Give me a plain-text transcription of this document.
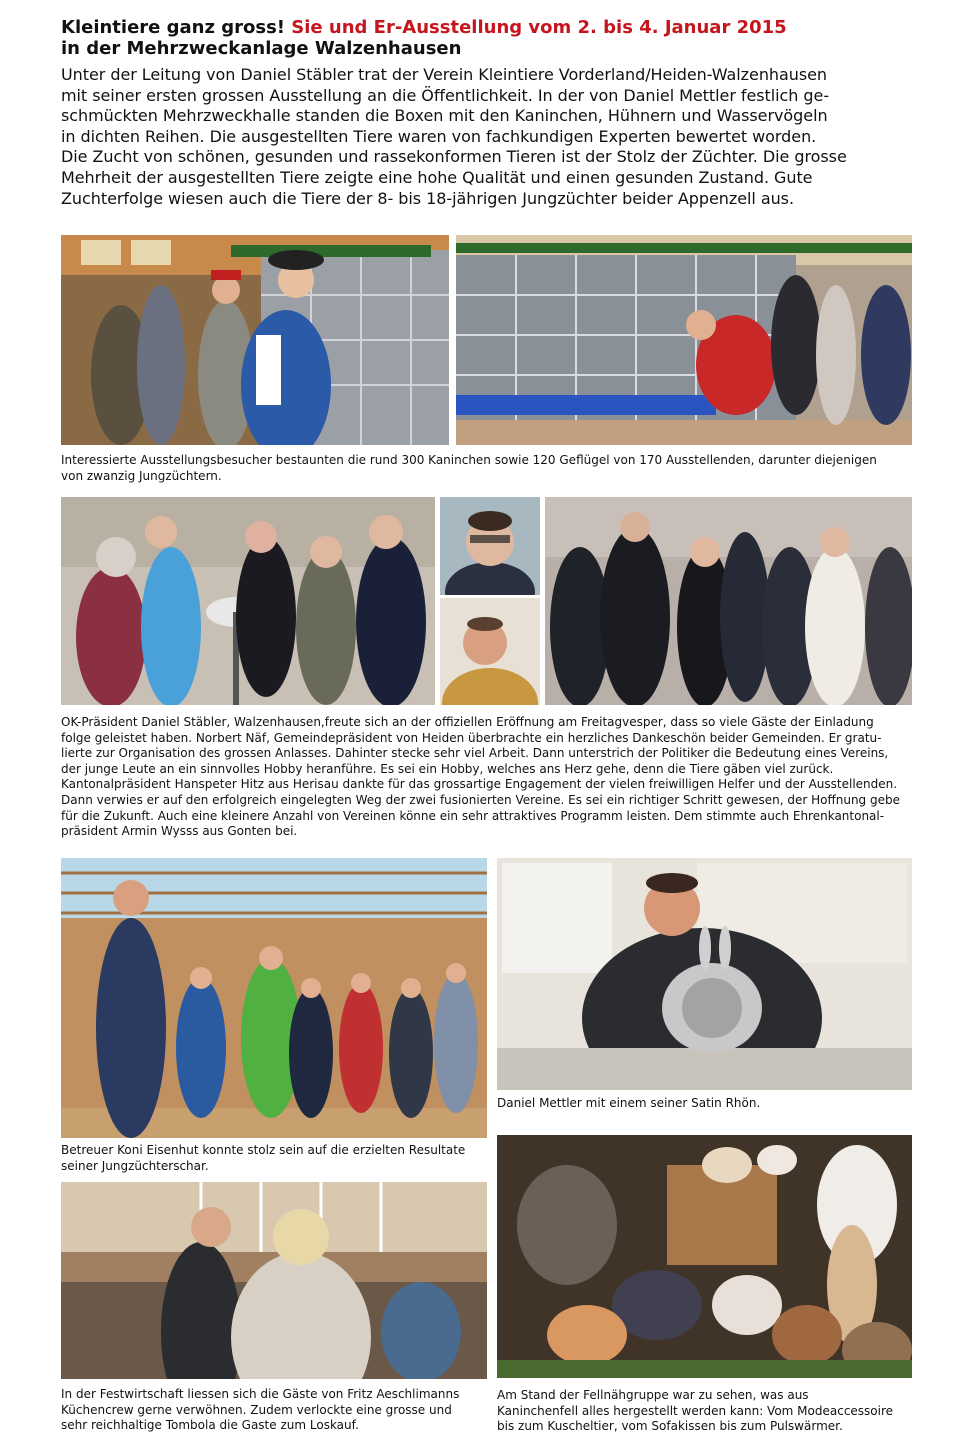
Kleintiere ganz gross! Sie und Er-Ausstellung vom 2. bis 4. Januar 2015

in der Mehrzweckanlage Walzenhausen

Unter der Leitung von Daniel Stäbler trat der Verein Kleintiere Vorderland/Heiden-Walzenhausen

mit seiner ersten grossen Ausstellung an die Öffentlichkeit. In der von Daniel Mettler festlich ge-

schmückten Mehrzweckhalle standen die Boxen mit den Kaninchen, Hühnern und Wasservögeln

in dichten Reihen. Die ausgestellten Tiere waren von fachkundigen Experten bewertet worden.

Die Zucht von schönen, gesunden und rassekonformen Tieren ist der Stolz der Züchter. Die grosse

Mehrheit der ausgestellten Tiere zeigte eine hohe Qualität und einen gesunden Zustand. Gute

Zuchterfolge wiesen auch die Tiere der 8- bis 18-jährigen Jungzüchter beider Appenzell aus.

Interessierte Ausstellungsbesucher bestaunten die rund 300 Kaninchen sowie 120 Geflügel von 170 Ausstellenden, darunter diejenigen

von zwanzig Jungzüchtern.

OK-Präsident Daniel Stäbler, Walzenhausen,freute sich an der offiziellen Eröffnung am Freitagvesper, dass so viele Gäste der Einladung

folge geleistet haben. Norbert Näf, Gemeindepräsident von Heiden überbrachte ein herzliches Dankeschön beider Gemeinden. Er gratu-

lierte zur Organisation des grossen Anlasses. Dahinter stecke sehr viel Arbeit. Dann unterstrich der Politiker die Bedeutung eines Vereins,

der junge Leute an ein sinnvolles Hobby heranführe. Es sei ein Hobby, welches ans Herz gehe, denn die Tiere gäben viel zurück.

Kantonalpräsident Hanspeter Hitz aus Herisau dankte für das grossartige Engagement der vielen freiwilligen Helfer und der Ausstellenden.

Dann verwies er auf den erfolgreich eingelegten Weg der zwei fusionierten Vereine. Es sei ein richtiger Schritt gewesen, der Hoffnung gebe

für die Zukunft. Auch eine kleinere Anzahl von Vereinen könne ein sehr attraktives Programm leisten. Dem stimmte auch Ehrenkantonal-

präsident Armin Wysss aus Gonten bei.

Daniel Mettler mit einem seiner Satin Rhön.

Betreuer Koni Eisenhut konnte stolz sein auf die erzielten Resultate

seiner Jungzüchterschar.

In der Festwirtschaft liessen sich die Gäste von Fritz Aeschlimanns

Küchencrew gerne verwöhnen. Zudem verlockte eine grosse und

sehr reichhaltige Tombola die Gaste zum Loskauf.

Am Stand der Fellnähgruppe war zu sehen, was aus

Kaninchenfell alles hergestellt werden kann: Vom Modeaccessoire

bis zum Kuscheltier, vom Sofakissen bis zum Pulswärmer.
